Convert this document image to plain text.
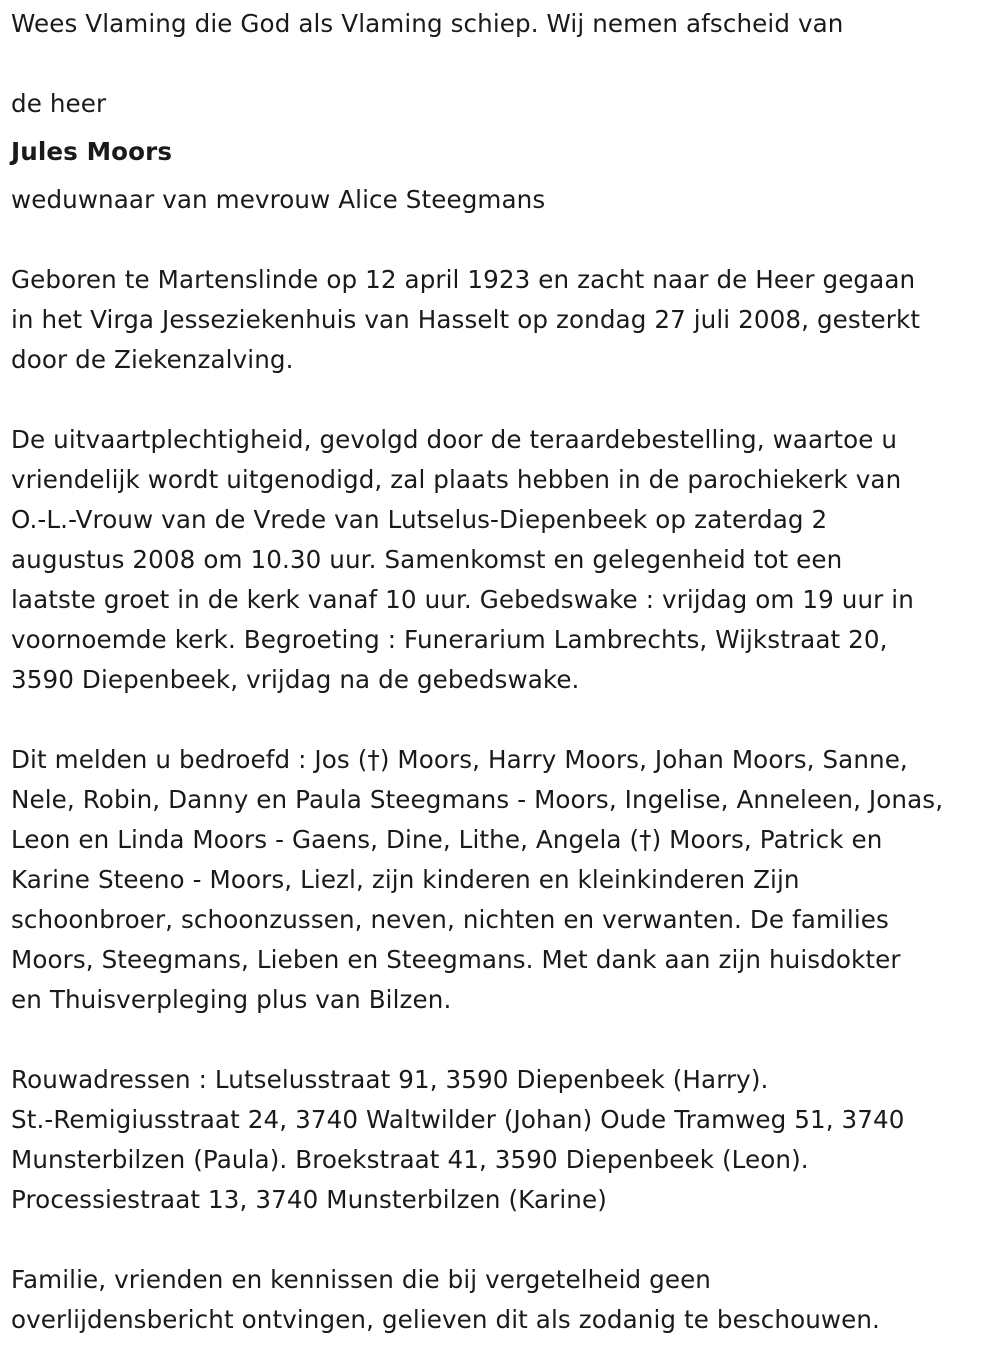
Wees Vlaming die God als Vlaming schiep. Wij nemen afscheid van
de heer
Jules Moors
weduwnaar van mevrouw Alice Steegmans
Geboren te Martenslinde op 12 april 1923 en zacht naar de Heer gegaan
in het Virga Jesseziekenhuis van Hasselt op zondag 27 juli 2008, gesterkt
door de Ziekenzalving.
De uitvaartplechtigheid, gevolgd door de teraardebestelling, waartoe u
vriendelijk wordt uitgenodigd, zal plaats hebben in de parochiekerk van
O.-L.-Vrouw van de Vrede van Lutselus-Diepenbeek op zaterdag 2
augustus 2008 om 10.30 uur. Samenkomst en gelegenheid tot een
laatste groet in de kerk vanaf 10 uur. Gebedswake : vrijdag om 19 uur in
voornoemde kerk. Begroeting : Funerarium Lambrechts, Wijkstraat 20,
3590 Diepenbeek, vrijdag na de gebedswake.
Dit melden u bedroefd : Jos (†) Moors, Harry Moors, Johan Moors, Sanne,
Nele, Robin, Danny en Paula Steegmans - Moors, Ingelise, Anneleen, Jonas,
Leon en Linda Moors - Gaens, Dine, Lithe, Angela (†) Moors, Patrick en
Karine Steeno - Moors, Liezl, zijn kinderen en kleinkinderen Zijn
schoonbroer, schoonzussen, neven, nichten en verwanten. De families
Moors, Steegmans, Lieben en Steegmans. Met dank aan zijn huisdokter
en Thuisverpleging plus van Bilzen.
Rouwadressen : Lutselusstraat 91, 3590 Diepenbeek (Harry).
St.-Remigiusstraat 24, 3740 Waltwilder (Johan) Oude Tramweg 51, 3740
Munsterbilzen (Paula). Broekstraat 41, 3590 Diepenbeek (Leon).
Processiestraat 13, 3740 Munsterbilzen (Karine)
Familie, vrienden en kennissen die bij vergetelheid geen
overlijdensbericht ontvingen, gelieven dit als zodanig te beschouwen.
